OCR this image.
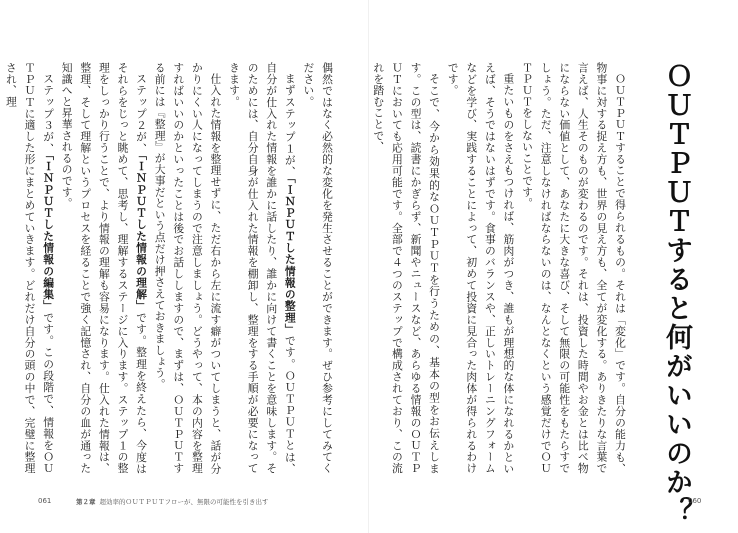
ＯＵＴＰＵＴすると何がいいのか？

ＯＵＴＰＵＴすることで得られるもの。それは「変化」です。自分の能力も、物事に対する捉え方も、世界の見え方も、全てが変化する。ありきたりな言葉で言えば、人生そのものが変わるのです。それは、投資した時間やお金とは比べ物にならない価値として、あなたに大きな喜び、そして無限の可能性をもたらすでしょう。ただ、注意しなければならないのは、なんとなくという感覚だけでＯＵＴＰＵＴをしないことです。

重たいものをさえもつければ、筋肉がつき、誰もが理想的な体になれるかといえば、そうではないはずです。食事のバランスや、正しいトレーニングフォームなどを学び、実践することによって、初めて投資に見合った肉体が得られるわけです。

そこで、今から効果的なＯＵＴＰＵＴを行うための、基本の型をお伝えします。この型は、読書にかぎらず、新聞やニュースなど、あらゆる情報のＯＵＴＰＵＴにおいても応用可能です。全部で４つのステップで構成されており、この流れを踏むことで、

偶然ではなく必然的な変化を発生させることができます。ぜひ参考にしてみてください。

まずステップ１が、「ＩＮＰＵＴした情報の整理」です。ＯＵＴＰＵＴとは、自分が仕入れた情報を誰かに話したり、誰かに向けて書くことを意味します。そのためには、自分自身が仕入れた情報を棚卸し、整理をする手順が必要になってきます。

仕入れた情報を整理せずに、ただ右から左に流す癖がついてしまうと、話が分かりにくい人になってしまうので注意しましょう。どうやって、本の内容を整理すればいいのかといったことは後でお話ししますので、まずは、ＯＵＴＰＵＴする前には『整理』が大事だという点だけ押さえておきましょう。

ステップ２が、「ＩＮＰＵＴした情報の理解」です。整理を終えたら、今度はそれらをじっと眺めて、思考し、理解するステージに入ります。ステップ１の整理をしっかり行うことで、より情報の理解も容易になります。仕入れた情報は、整理、そして理解というプロセスを経ることで強く記憶され、自分の血が通った知識へと昇華されるのです。

ステップ３が、「ＩＮＰＵＴした情報の編集」です。この段階で、情報をＯＵＴＰＵＴに適した形にまとめていきます。どれだけ自分の頭の中で、完璧に整理され、理

061	第２章 超効率的ＯＵＴＰＵＴフローが、無限の可能性を引き出す	060
